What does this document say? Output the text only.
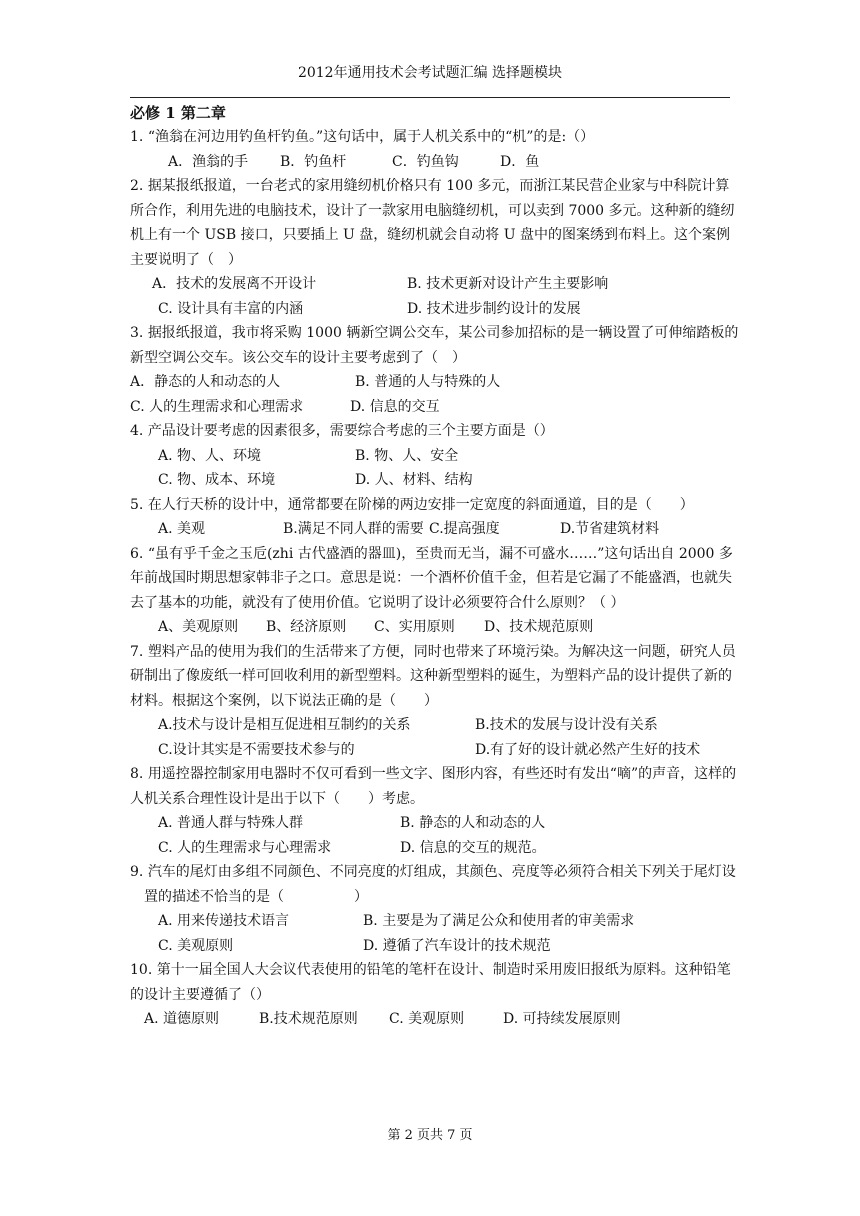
2012年通用技术会考试题汇编 选择题模块
必修 1 第二章
1. “渔翁在河边用钓鱼杆钓鱼。”这句话中，属于人机关系中的“机”的是:（）
A．渔翁的手 B．钓鱼杆	C．钓鱼钩	D．鱼
2. 据某报纸报道，一台老式的家用缝纫机价格只有 100 多元，而浙江某民营企业家与中科院计算所合作，利用先进的电脑技术，设计了一款家用电脑缝纫机，可以卖到 7000 多元。这种新的缝纫机上有一个 USB 接口，只要插上 U 盘，缝纫机就会自动将 U 盘中的图案绣到布料上。这个案例主要说明了（　）
A．技术的发展离不开设计	B. 技术更新对设计产生主要影响
C. 设计具有丰富的内涵	D. 技术进步制约设计的发展
3. 据报纸报道，我市将采购 1000 辆新空调公交车，某公司参加招标的是一辆设置了可伸缩踏板的新型空调公交车。该公交车的设计主要考虑到了（　）
A．静态的人和动态的人	B. 普通的人与特殊的人
C. 人的生理需求和心理需求	D. 信息的交互
4. 产品设计要考虑的因素很多，需要综合考虑的三个主要方面是（）
A. 物、人、环境	B. 物、人、安全
C. 物、成本、环境	D. 人、材料、结构
5. 在人行天桥的设计中，通常都要在阶梯的两边安排一定宽度的斜面通道，目的是（　　）
A. 美观	B.满足不同人群的需要 C.提高强度	D.节省建筑材料
6. “虽有乎千金之玉卮(zhi 古代盛酒的器皿)，至贵而无当，漏不可盛水……”这句话出自 2000 多年前战国时期思想家韩非子之口。意思是说：一个酒杯价值千金，但若是它漏了不能盛酒，也就失去了基本的功能，就没有了使用价值。它说明了设计必须要符合什么原则？（ ）
A、美观原则 B、经济原则 C、实用原则 D、技术规范原则
7. 塑料产品的使用为我们的生活带来了方便，同时也带来了环境污染。为解决这一问题，研究人员研制出了像废纸一样可回收利用的新型塑料。这种新型塑料的诞生，为塑料产品的设计提供了新的材料。根据这个案例，以下说法正确的是（　　）
A.技术与设计是相互促进相互制约的关系	B.技术的发展与设计没有关系
C.设计其实是不需要技术参与的	D.有了好的设计就必然产生好的技术
8. 用遥控器控制家用电器时不仅可看到一些文字、图形内容，有些还时有发出“嘀”的声音，这样的人机关系合理性设计是出于以下（　　）考虑。
A. 普通人群与特殊人群	B. 静态的人和动态的人
C. 人的生理需求与心理需求	D. 信息的交互的规范。
9. 汽车的尾灯由多组不同颜色、不同亮度的灯组成，其颜色、亮度等必须符合相关下列关于尾灯设置的描述不恰当的是（　　　　　）
A. 用来传递技术语言	B. 主要是为了满足公众和使用者的审美需求
C. 美观原则	D. 遵循了汽车设计的技术规范
10. 第十一届全国人大会议代表使用的铅笔的笔杆在设计、制造时采用废旧报纸为原料。这种铅笔的设计主要遵循了（）
A. 道德原则	B.技术规范原则 C. 美观原则	D. 可持续发展原则
第 2 页共 7 页
